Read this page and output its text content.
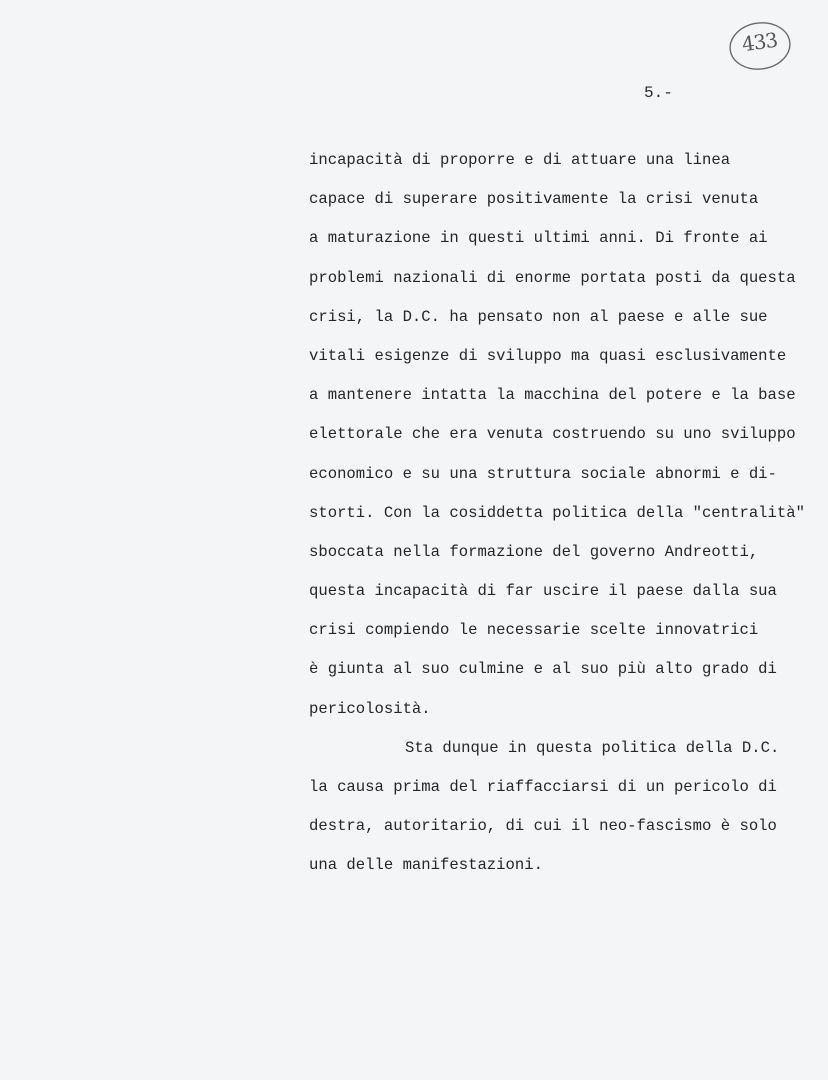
433
5.-
incapacità di proporre e di attuare una linea
capace di superare positivamente la crisi venuta
a maturazione in questi ultimi anni. Di fronte ai
problemi nazionali di enorme portata posti da questa
crisi, la D.C. ha pensato non al paese e alle sue
vitali esigenze di sviluppo ma quasi esclusivamente
a mantenere intatta la macchina del potere e la base
elettorale che era venuta costruendo su uno sviluppo
economico e su una struttura sociale abnormi e di-
storti. Con la cosiddetta politica della "centralità"
sboccata nella formazione del governo Andreotti,
questa incapacità di far uscire il paese dalla sua
crisi compiendo le necessarie scelte innovatrici
è giunta al suo culmine e al suo più alto grado di
pericolosità.
Sta dunque in questa politica della D.C.
la causa prima del riaffacciarsi di un pericolo di
destra, autoritario, di cui il neo-fascismo è solo
una delle manifestazioni.
